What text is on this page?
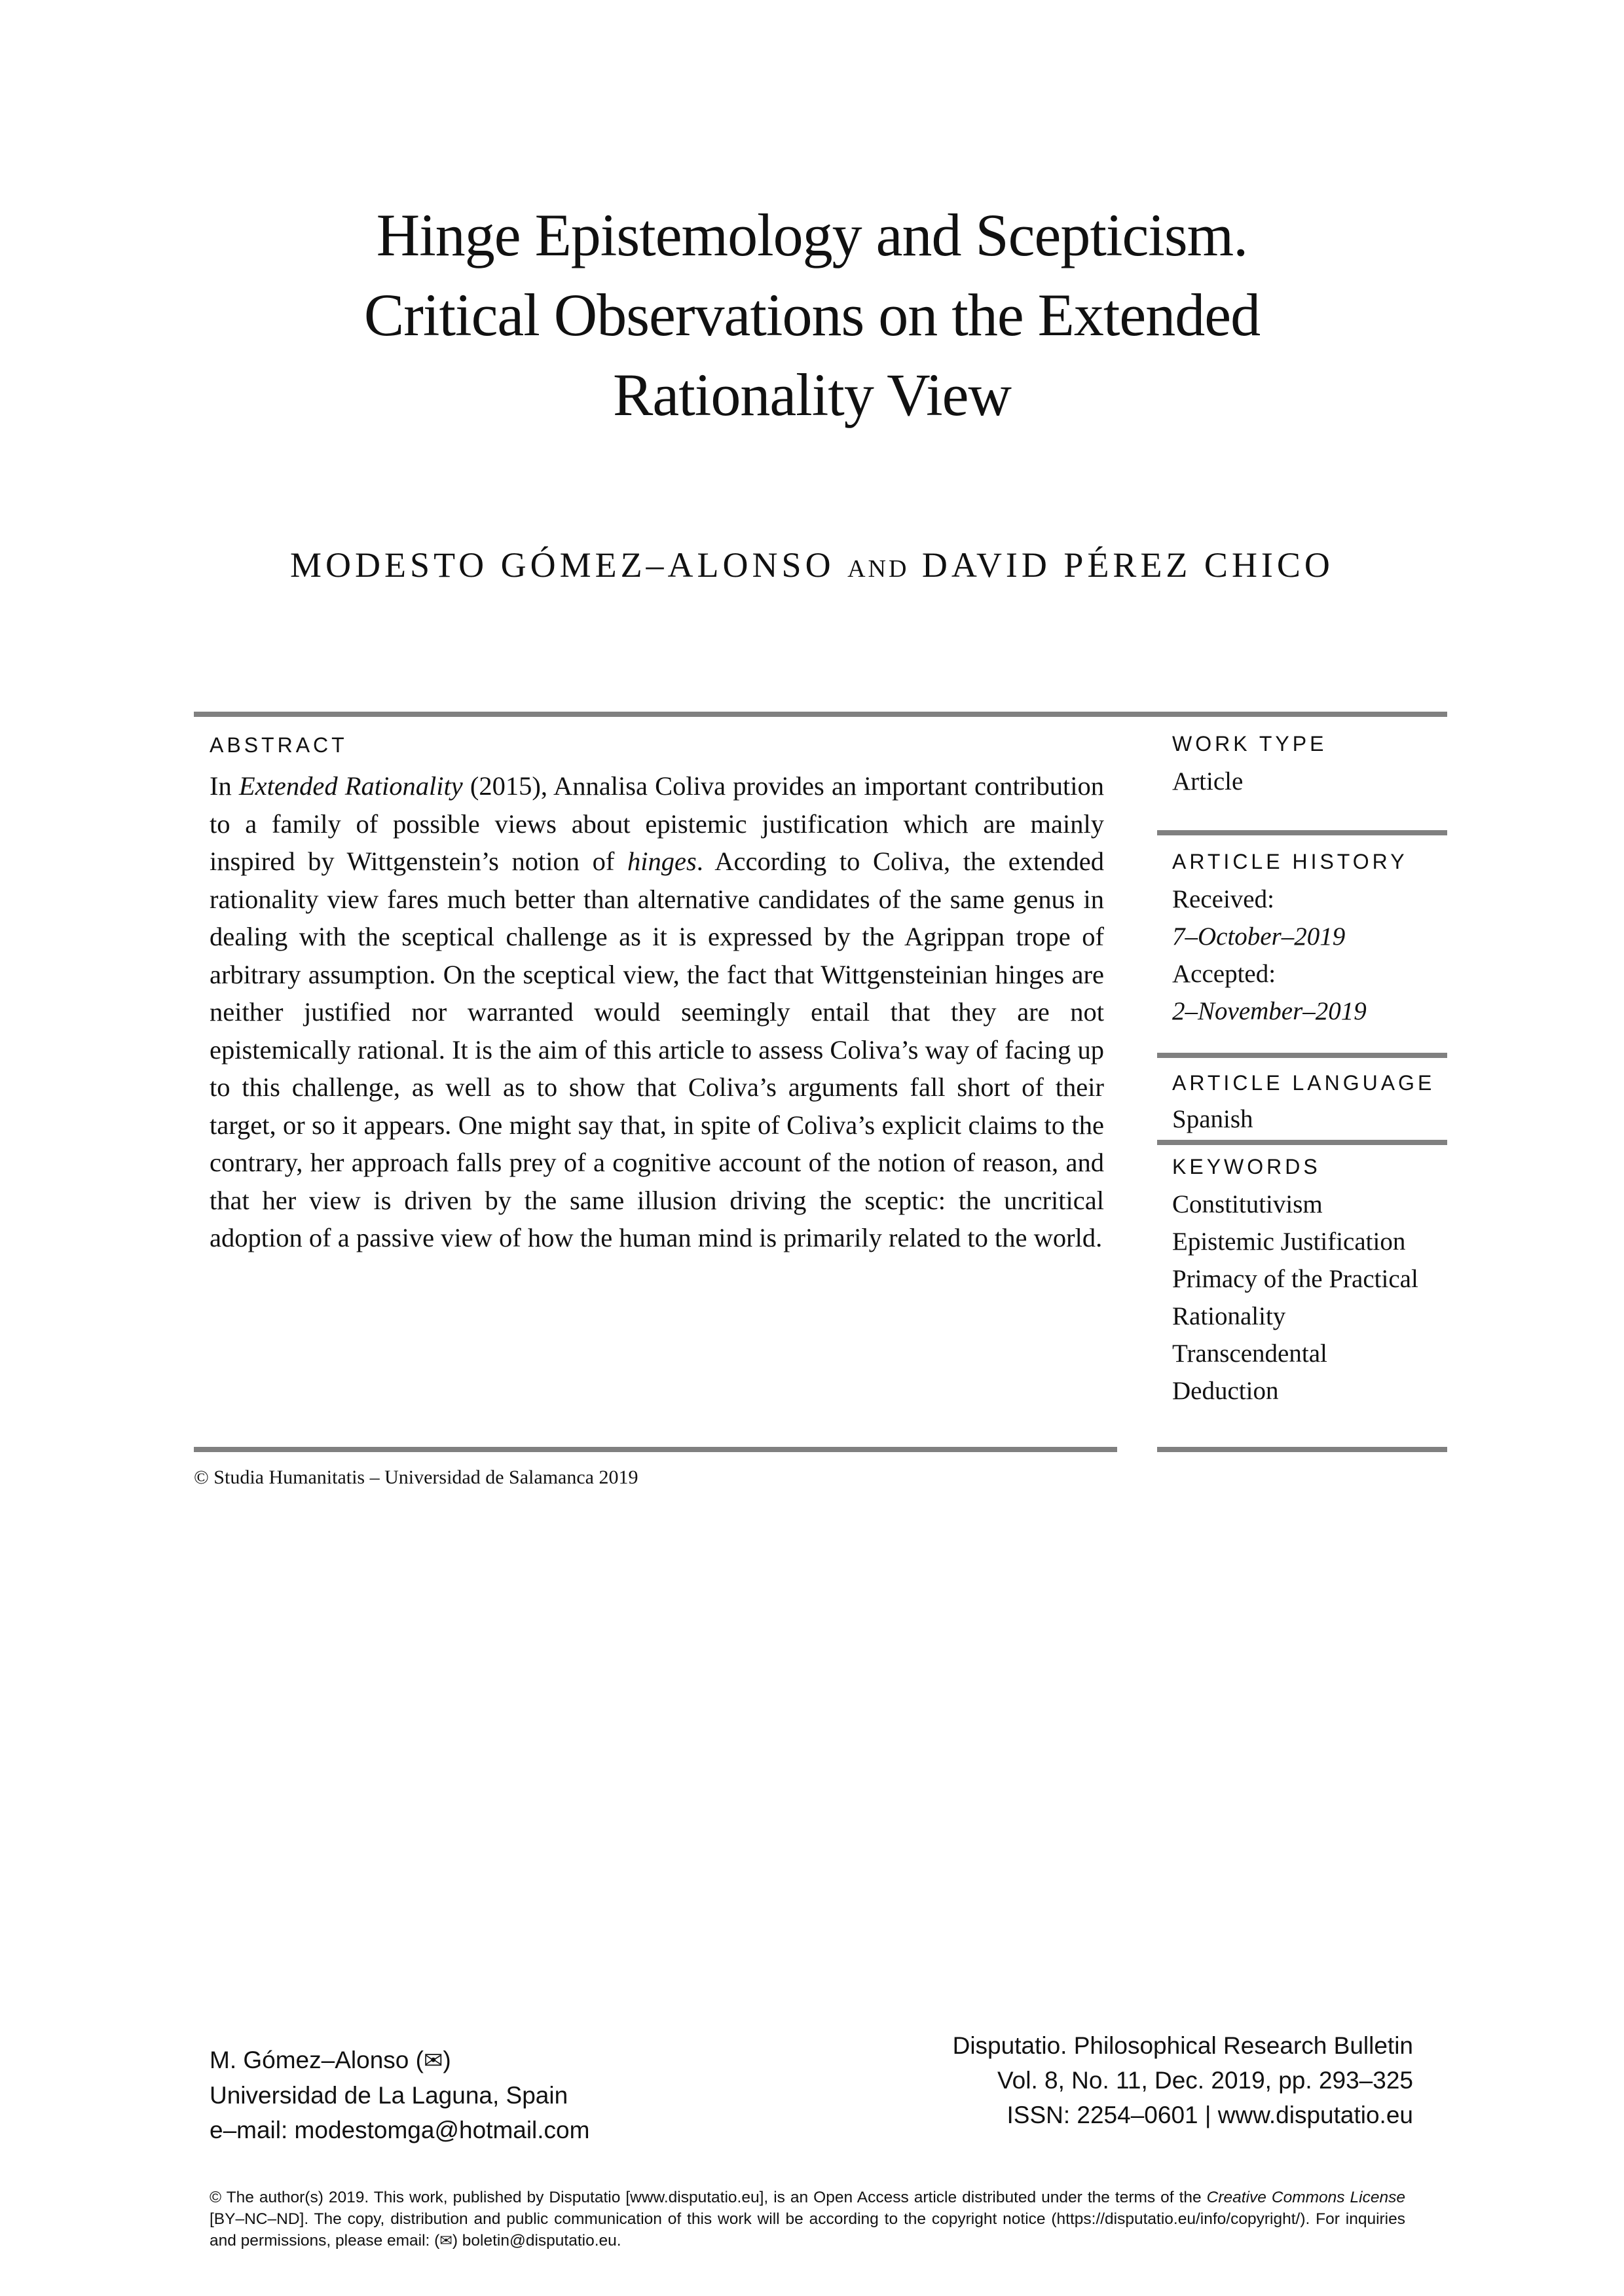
Hinge Epistemology and Scepticism.
Critical Observations on the Extended
Rationality View
MODESTO GÓMEZ–ALONSO AND DAVID PÉREZ CHICO
ABSTRACT

In Extended Rationality (2015), Annalisa Coliva provides an important contribution to a family of possible views about epistemic justification which are mainly inspired by Wittgenstein’s notion of hinges. According to Coliva, the extended rationality view fares much better than alternative candidates of the same genus in dealing with the sceptical challenge as it is expressed by the Agrippan trope of arbitrary assumption. On the sceptical view, the fact that Wittgensteinian hinges are neither justified nor warranted would seemingly entail that they are not epistemically rational. It is the aim of this article to assess Coliva’s way of facing up to this challenge, as well as to show that Coliva’s arguments fall short of their target, or so it appears. One might say that, in spite of Coliva’s explicit claims to the contrary, her approach falls prey of a cognitive account of the notion of reason, and that her view is driven by the same illusion driving the sceptic: the uncritical adoption of a passive view of how the human mind is primarily related to the world.

© Studia Humanitatis – Universidad de Salamanca 2019
WORK TYPE
Article
ARTICLE HISTORY
Received:
7–October–2019
Accepted:
2–November–2019
ARTICLE LANGUAGE
Spanish
KEYWORDS
Constitutivism
Epistemic Justification
Primacy of the Practical
Rationality
Transcendental
Deduction
M. Gómez–Alonso (✉)
Universidad de La Laguna, Spain
e–mail: modestomga@hotmail.com
Disputatio. Philosophical Research Bulletin
Vol. 8, No. 11, Dec. 2019, pp. 293–325
ISSN: 2254–0601 | www.disputatio.eu

© The author(s) 2019. This work, published by Disputatio [www.disputatio.eu], is an Open Access article distributed under the terms of the Creative Commons License [BY–NC–ND]. The copy, distribution and public communication of this work will be according to the copyright notice (https://disputatio.eu/info/copyright/). For inquiries and permissions, please email: (✉) boletin@disputatio.eu.
